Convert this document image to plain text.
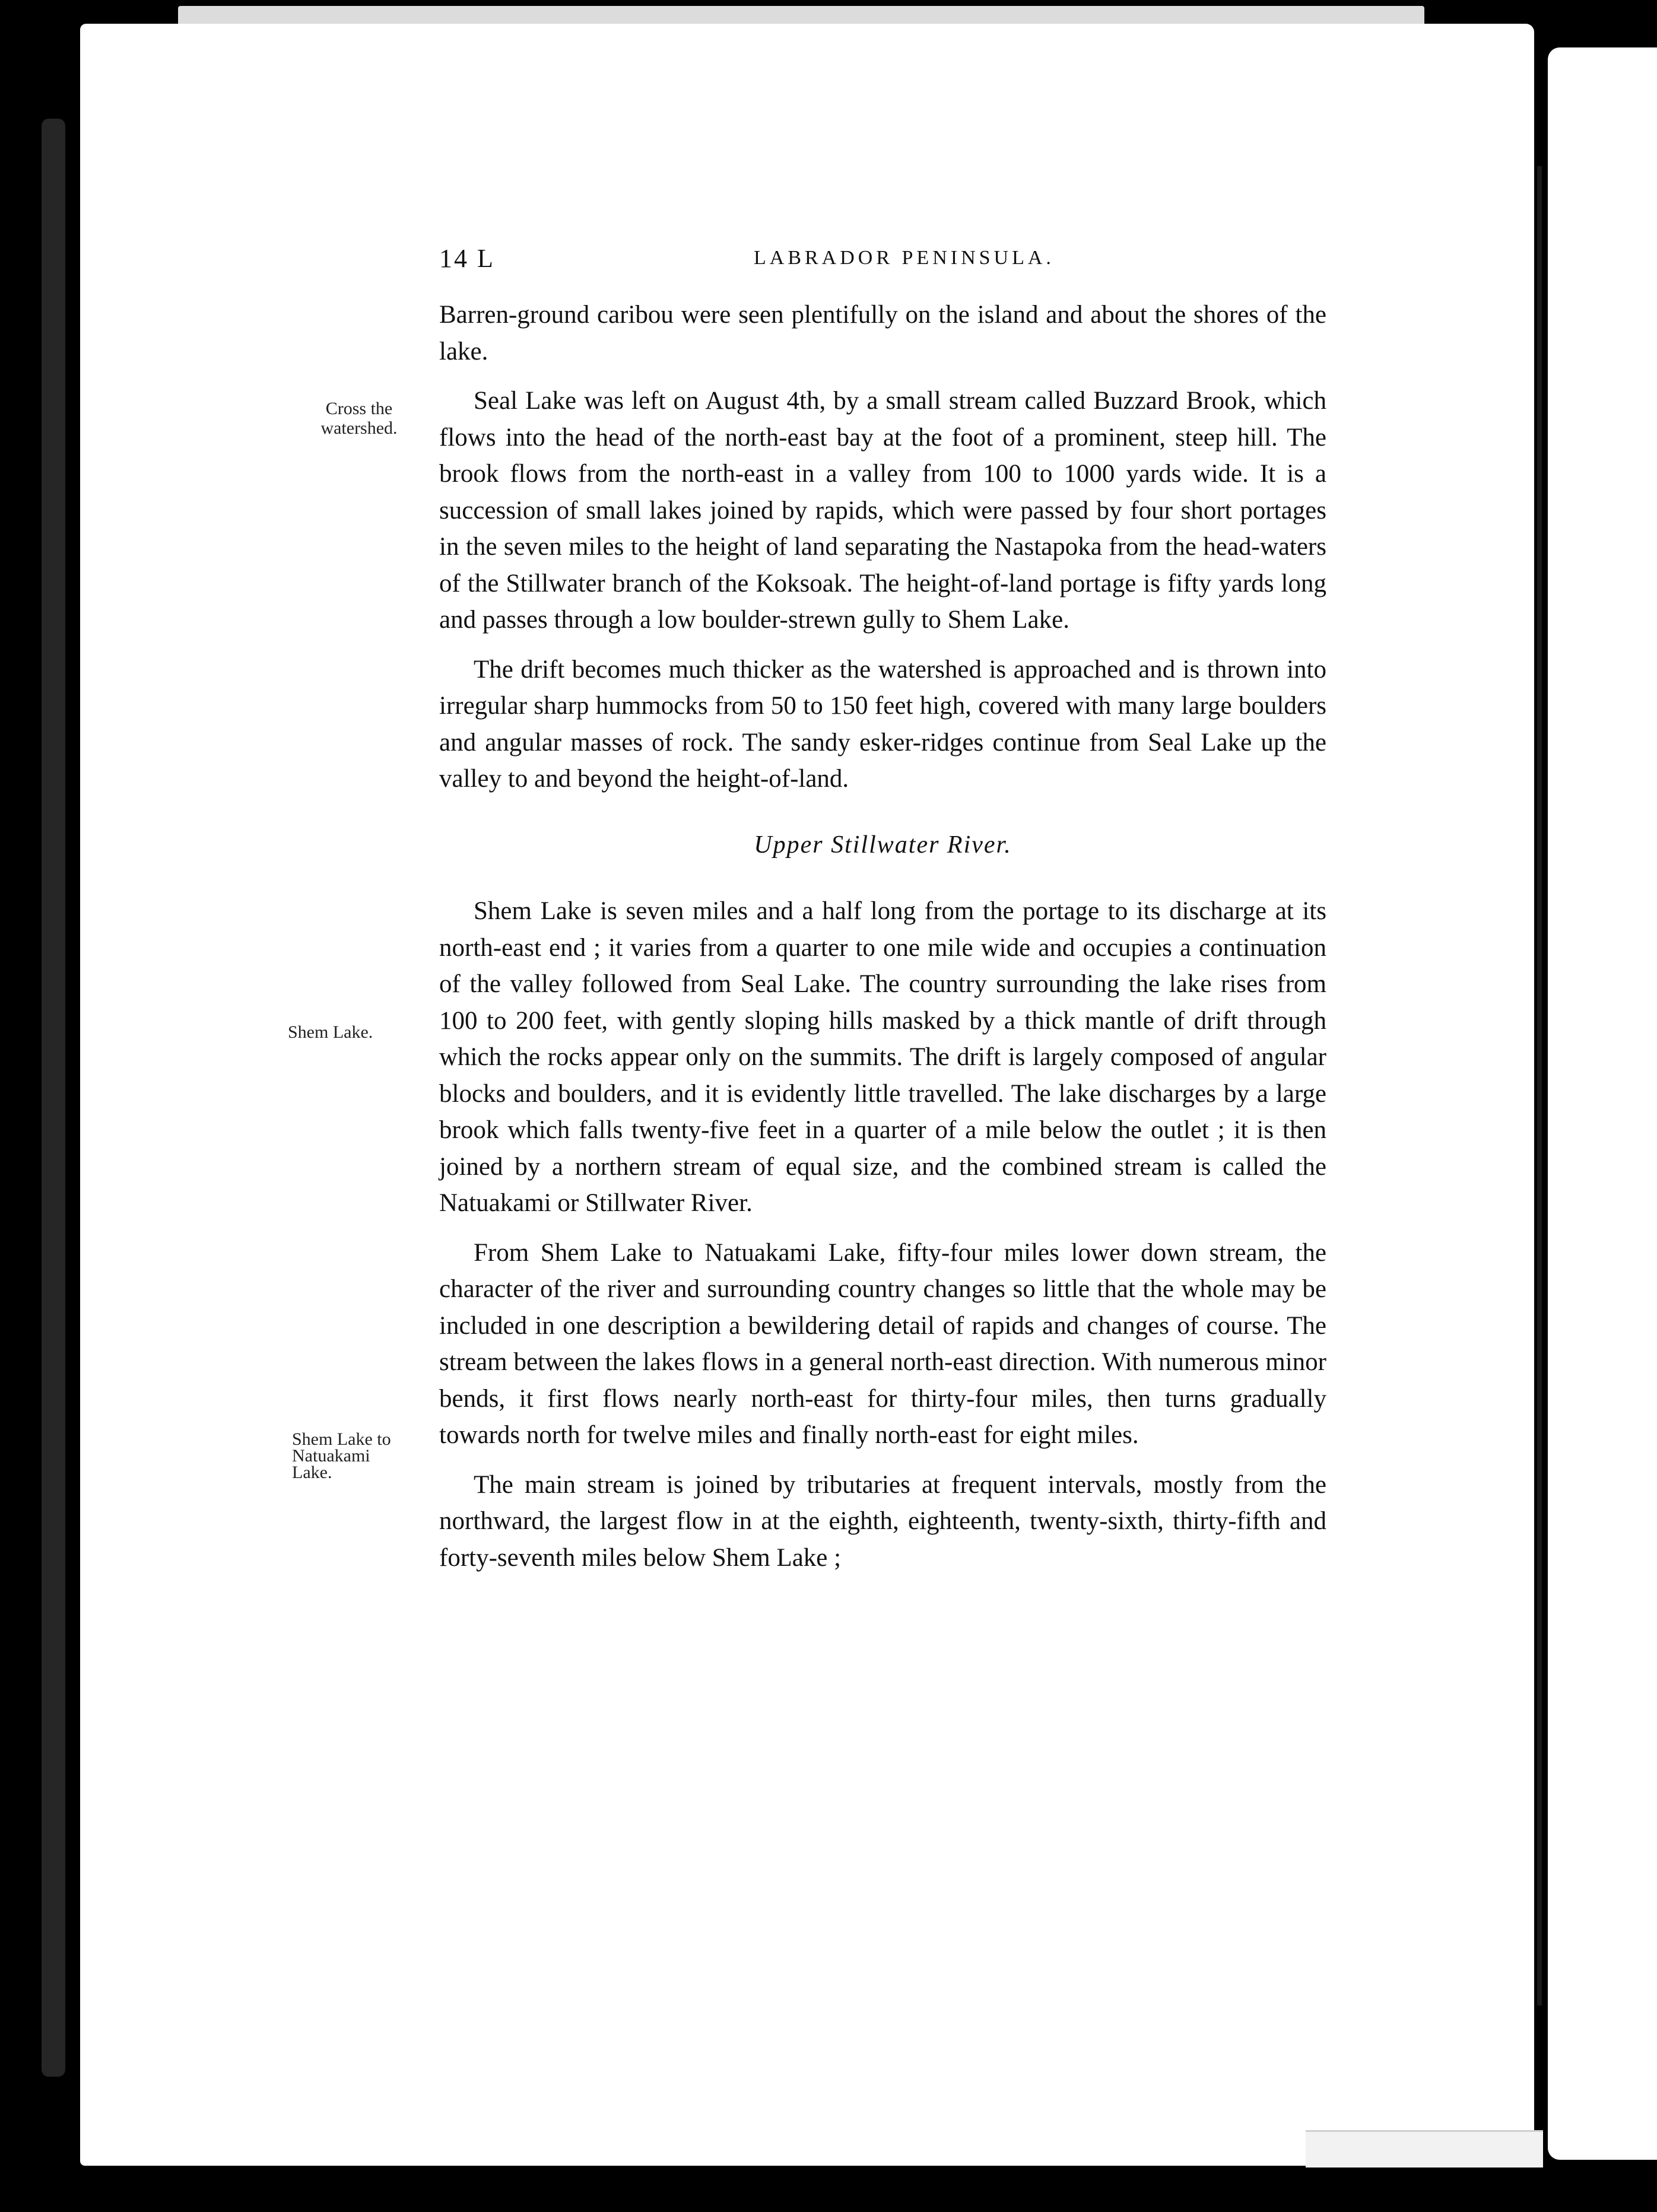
14 L	LABRADOR PENINSULA.
Cross the
watershed.
Shem Lake.
Shem Lake to
Natuakami
Lake.

Barren-ground caribou were seen plentifully on the island and about the shores of the lake.

Seal Lake was left on August 4th, by a small stream called Buzzard Brook, which flows into the head of the north-east bay at the foot of a prominent, steep hill. The brook flows from the north-east in a valley from 100 to 1000 yards wide. It is a succession of small lakes joined by rapids, which were passed by four short portages in the seven miles to the height of land separating the Nastapoka from the head-waters of the Stillwater branch of the Koksoak. The height-of-land portage is fifty yards long and passes through a low boulder-strewn gully to Shem Lake.

The drift becomes much thicker as the watershed is approached and is thrown into irregular sharp hummocks from 50 to 150 feet high, covered with many large boulders and angular masses of rock. The sandy esker-ridges continue from Seal Lake up the valley to and beyond the height-of-land.

Upper Stillwater River.

Shem Lake is seven miles and a half long from the portage to its discharge at its north-east end ; it varies from a quarter to one mile wide and occupies a continuation of the valley followed from Seal Lake. The country surrounding the lake rises from 100 to 200 feet, with gently sloping hills masked by a thick mantle of drift through which the rocks appear only on the summits. The drift is largely composed of angular blocks and boulders, and it is evidently little travelled. The lake discharges by a large brook which falls twenty-five feet in a quarter of a mile below the outlet ; it is then joined by a northern stream of equal size, and the combined stream is called the Natuakami or Stillwater River.

From Shem Lake to Natuakami Lake, fifty-four miles lower down stream, the character of the river and surrounding country changes so little that the whole may be included in one description a bewildering detail of rapids and changes of course. The stream between the lakes flows in a general north-east direction. With numerous minor bends, it first flows nearly north-east for thirty-four miles, then turns gradually towards north for twelve miles and finally north-east for eight miles.

The main stream is joined by tributaries at frequent intervals, mostly from the northward, the largest flow in at the eighth, eighteenth, twenty-sixth, thirty-fifth and forty-seventh miles below Shem Lake ;
